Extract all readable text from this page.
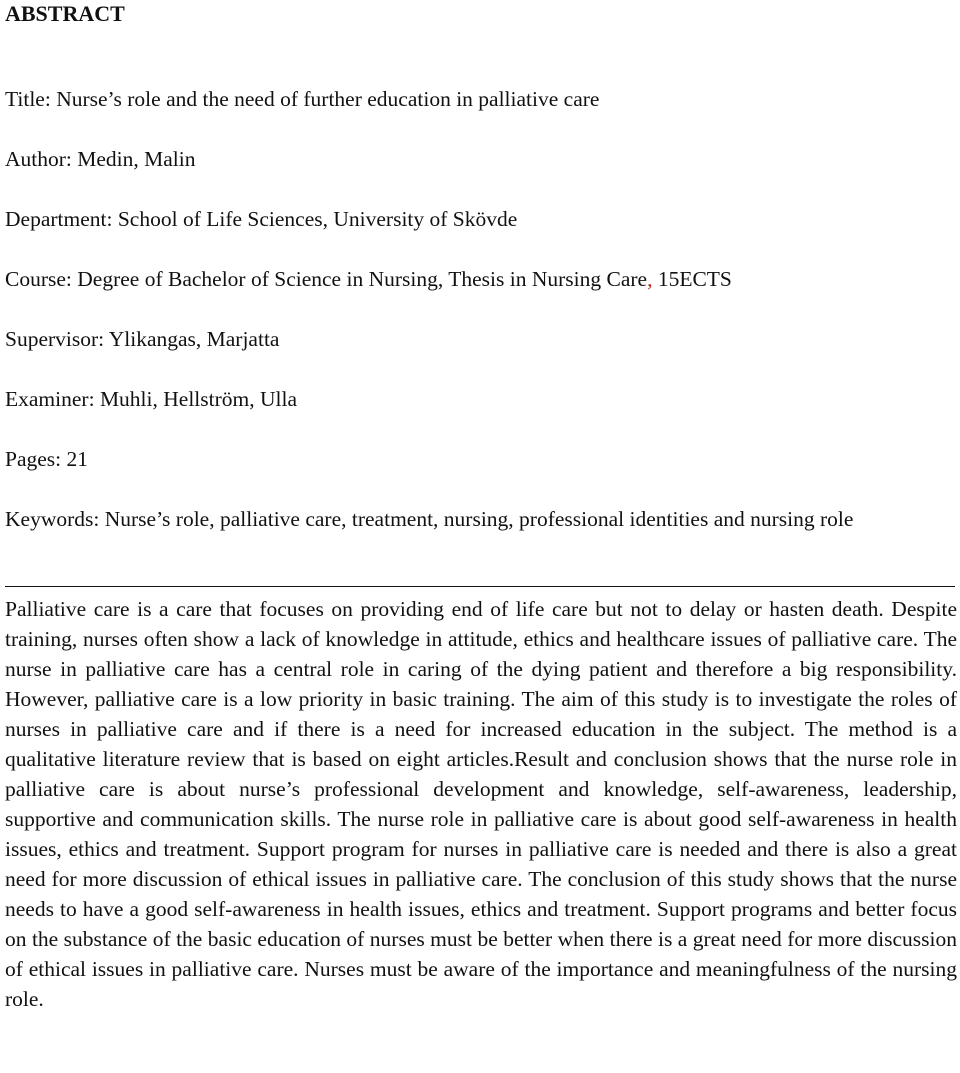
ABSTRACT
Title: Nurse’s role and the need of further education in palliative care
Author: Medin, Malin
Department: School of Life Sciences, University of Skövde
Course: Degree of Bachelor of Science in Nursing, Thesis in Nursing Care, 15ECTS
Supervisor: Ylikangas, Marjatta
Examiner: Muhli, Hellström, Ulla
Pages: 21
Keywords: Nurse’s role, palliative care, treatment, nursing, professional identities and nursing role

Palliative care is a care that focuses on providing end of life care but not to delay or hasten death. Despite training, nurses often show a lack of knowledge in attitude, ethics and healthcare issues of palliative care. The nurse in palliative care has a central role in caring of the dying patient and therefore a big responsibility. However, palliative care is a low priority in basic training. The aim of this study is to investigate the roles of nurses in palliative care and if there is a need for increased education in the subject. The method is a qualitative literature review that is based on eight articles.Result and conclusion shows that the nurse role in palliative care is about nurse’s professional development and knowledge, self-awareness, leadership, supportive and communication skills. The nurse role in palliative care is about good self-awareness in health issues, ethics and treatment. Support program for nurses in palliative care is needed and there is also a great need for more discussion of ethical issues in palliative care. The conclusion of this study shows that the nurse needs to have a good self-awareness in health issues, ethics and treatment. Support programs and better focus on the substance of the basic education of nurses must be better when there is a great need for more discussion of ethical issues in palliative care. Nurses must be aware of the importance and meaningfulness of the nursing role.
